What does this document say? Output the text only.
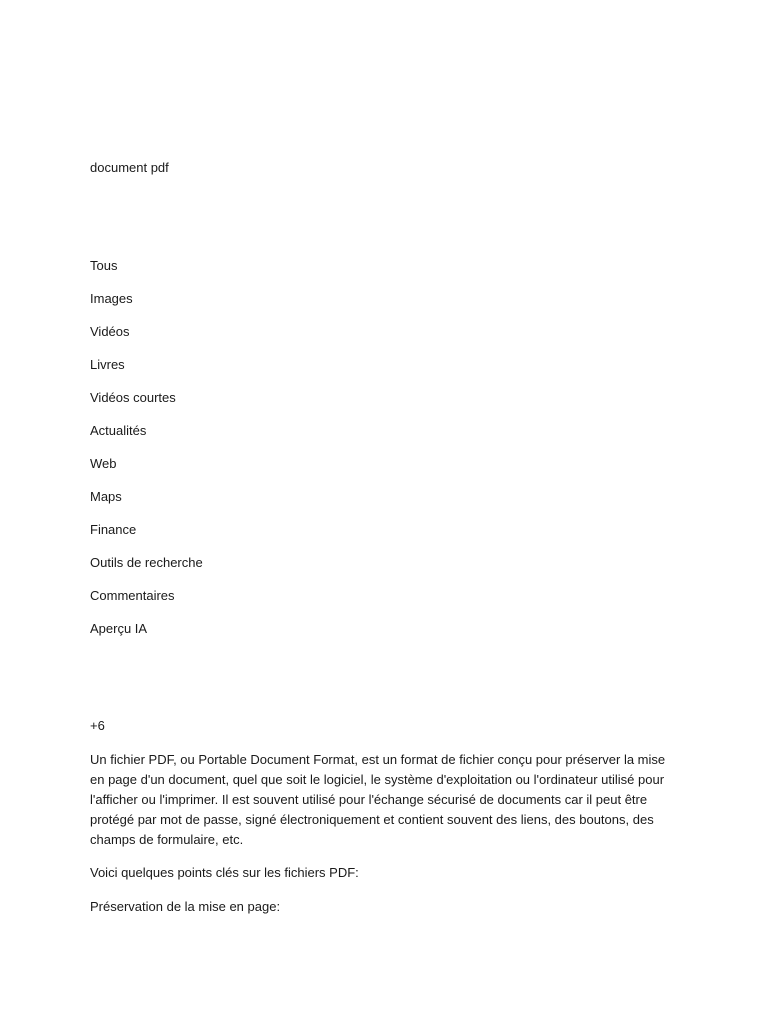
document pdf
Tous
Images
Vidéos
Livres
Vidéos courtes
Actualités
Web
Maps
Finance
Outils de recherche
Commentaires
Aperçu IA
+6

Un fichier PDF, ou Portable Document Format, est un format de fichier conçu pour préserver la mise en page d'un document, quel que soit le logiciel, le système d'exploitation ou l'ordinateur utilisé pour l'afficher ou l'imprimer. Il est souvent utilisé pour l'échange sécurisé de documents car il peut être protégé par mot de passe, signé électroniquement et contient souvent des liens, des boutons, des champs de formulaire, etc.

Voici quelques points clés sur les fichiers PDF:

Préservation de la mise en page:
